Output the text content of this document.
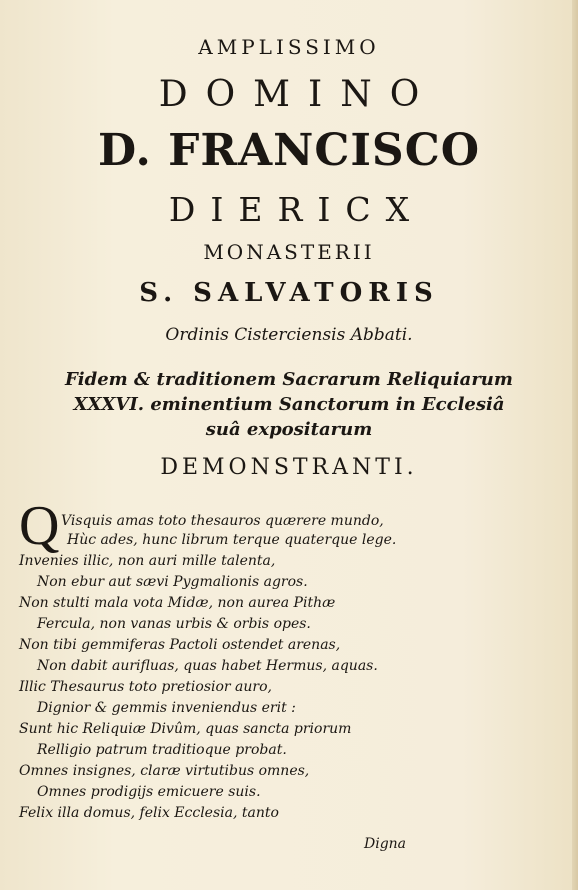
AMPLISSIMO
DOMINO
D. FRANCISCO
DIERICX
MONASTERII
S. SALVATORIS
Ordinis Cisterciensis Abbati.
Fidem & traditionem Sacrarum Reliquiarum
XXXVI. eminentium Sanctorum in Ecclesiâ
suâ expositarum
DEMONSTRANTI.
Q Visquis amas toto thesauros quærere mundo,
Hùc ades, hunc librum terque quaterque lege.
Invenies illic, non auri mille talenta,
Non ebur aut sævi Pygmalionis agros.
Non stulti mala vota Midæ, non aurea Pithæ
Fercula, non vanas urbis & orbis opes.
Non tibi gemmiferas Pactoli ostendet arenas,
Non dabit auriﬂuas, quas habet Hermus, aquas.
Illic Thesaurus toto pretiosior auro,
Dignior & gemmis inveniendus erit :
Sunt hic Reliquiæ Divûm, quas sancta priorum
Relligio patrum traditioque probat.
Omnes insignes, claræ virtutibus omnes,
Omnes prodigijs emicuere suis.
Felix illa domus, felix Ecclesia, tanto
Digna
